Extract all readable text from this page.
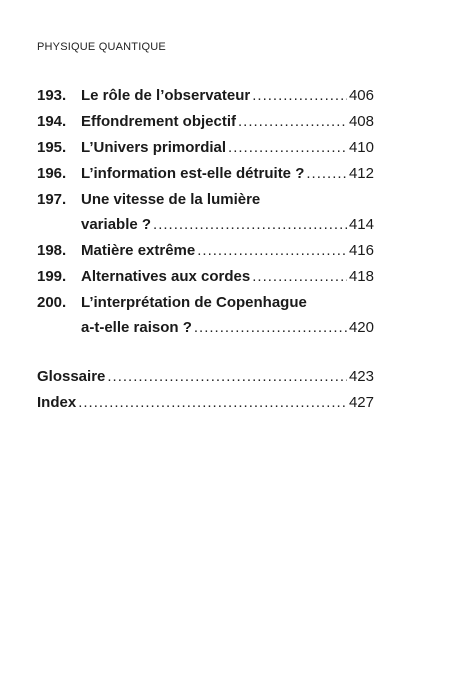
PHYSIQUE QUANTIQUE
193. Le rôle de l’observateur .....	406
194. Effondrement objectif .....	408
195. L’Univers primordial .....	410
196. L’information est-elle détruite ? .....	412
197. Une vitesse de la lumière
variable ? .....	414
198. Matière extrême .....	416
199. Alternatives aux cordes .....	418
200. L’interprétation de Copenhague
a-t-elle raison ? .....	420
Glossaire .....	423
Index .....	427
